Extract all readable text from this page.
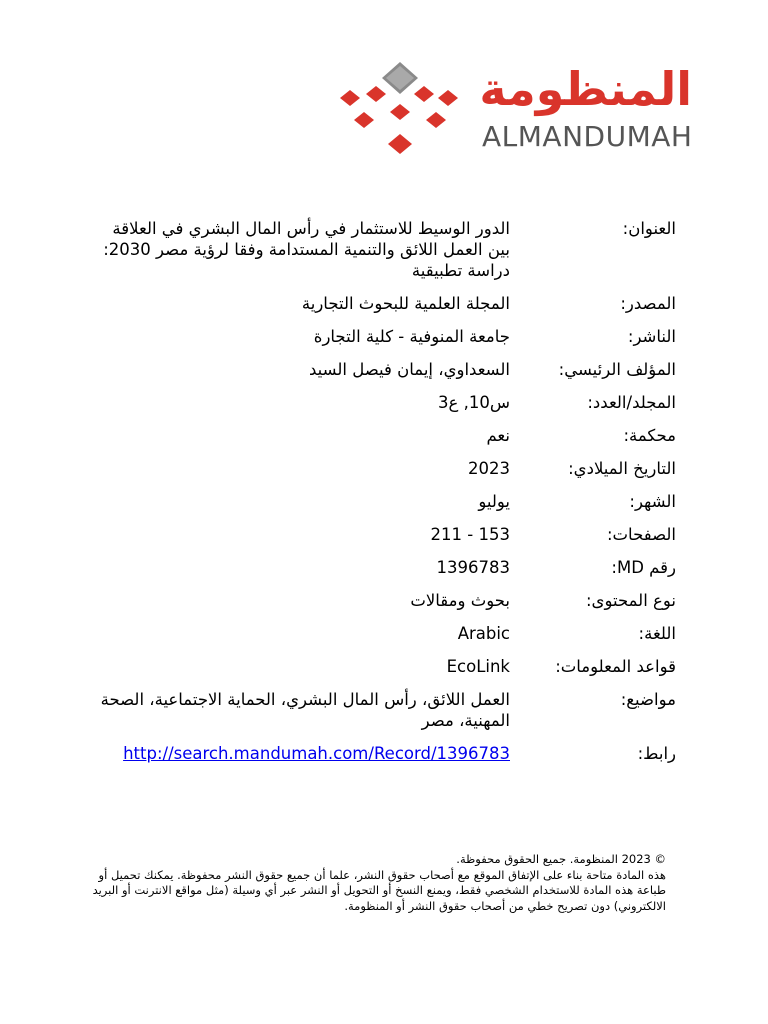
المنظومة
ALMANDUMAH
العنوان:
الدور الوسيط للاستثمار في رأس المال البشري في العلاقة بين العمل اللائق والتنمية المستدامة وفقا لرؤية مصر 2030: دراسة تطبيقية
المصدر:
المجلة العلمية للبحوث التجارية
الناشر:
جامعة المنوفية - كلية التجارة
المؤلف الرئيسي:
السعداوي، إيمان فيصل السيد
المجلد/العدد:
س10, ع3
محكمة:
نعم
التاريخ الميلادي:
2023
الشهر:
يوليو
الصفحات:
153 - 211
رقم MD:
1396783
نوع المحتوى:
بحوث ومقالات
اللغة:
Arabic
قواعد المعلومات:
EcoLink
مواضيع:
العمل اللائق، رأس المال البشري، الحماية الاجتماعية، الصحة المهنية، مصر
رابط:
http://search.mandumah.com/Record/1396783

© 2023 المنظومة. جميع الحقوق محفوظة.

هذه المادة متاحة بناء على الإتفاق الموقع مع أصحاب حقوق النشر، علما أن جميع حقوق النشر محفوظة. يمكنك تحميل أو طباعة هذه المادة للاستخدام الشخصي فقط، ويمنع النسخ أو التحويل أو النشر عبر أي وسيلة (مثل مواقع الانترنت أو البريد الالكتروني) دون تصريح خطي من أصحاب حقوق النشر أو المنظومة.
